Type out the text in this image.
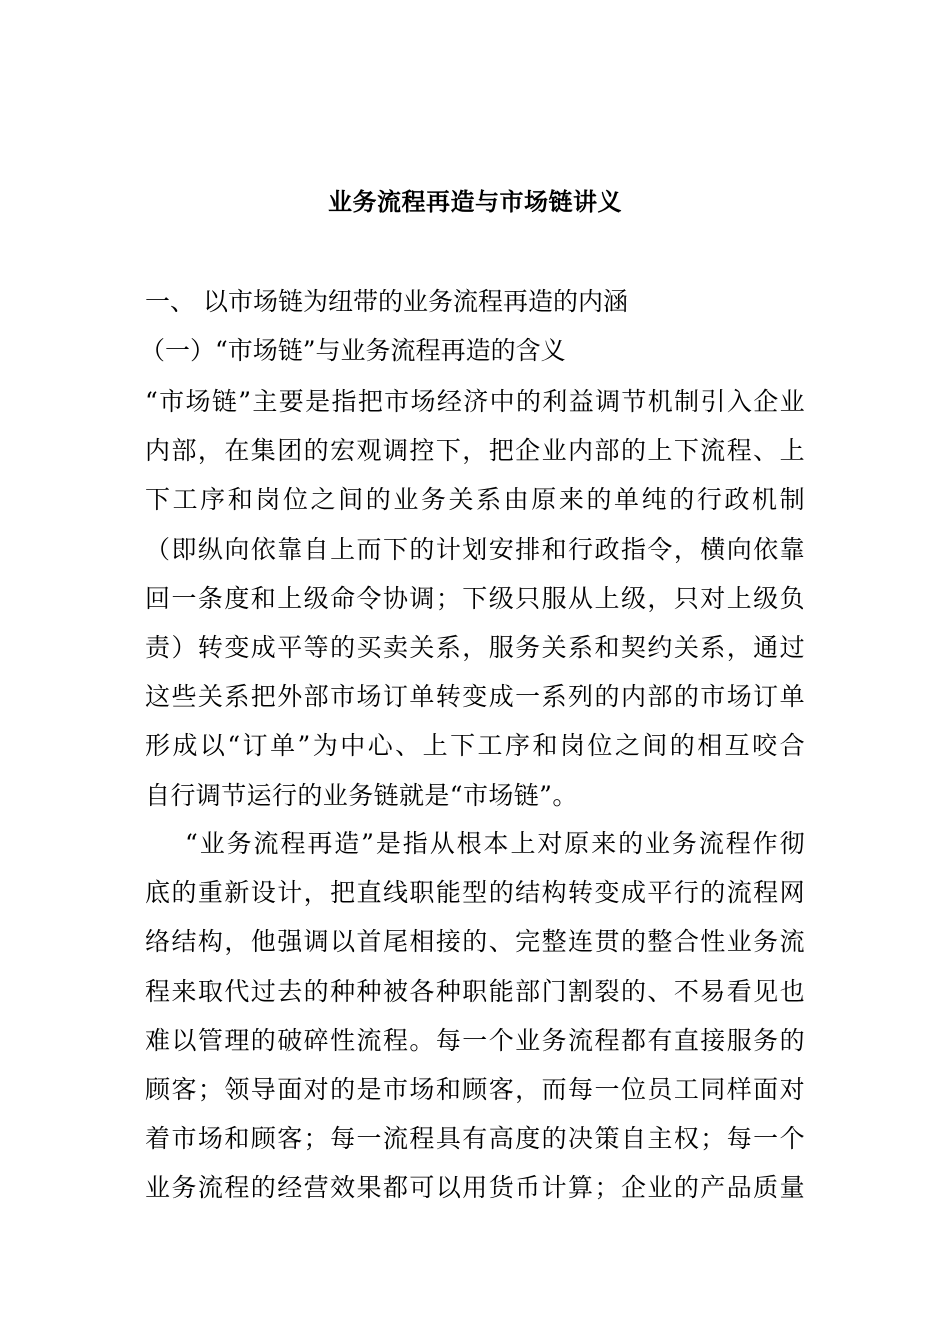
业务流程再造与市场链讲义
一、 以市场链为纽带的业务流程再造的内涵
（一）“市场链”与业务流程再造的含义
“市场链”主要是指把市场经济中的利益调节机制引入企业
内部，在集团的宏观调控下，把企业内部的上下流程、上
下工序和岗位之间的业务关系由原来的单纯的行政机制
（即纵向依靠自上而下的计划安排和行政指令，横向依靠
回一条度和上级命令协调；下级只服从上级，只对上级负
责）转变成平等的买卖关系，服务关系和契约关系，通过
这些关系把外部市场订单转变成一系列的内部的市场订单
形成以“订单”为中心、上下工序和岗位之间的相互咬合
自行调节运行的业务链就是“市场链”。
“业务流程再造”是指从根本上对原来的业务流程作彻
底的重新设计，把直线职能型的结构转变成平行的流程网
络结构，他强调以首尾相接的、完整连贯的整合性业务流
程来取代过去的种种被各种职能部门割裂的、不易看见也
难以管理的破碎性流程。每一个业务流程都有直接服务的
顾客；领导面对的是市场和顾客，而每一位员工同样面对
着市场和顾客；每一流程具有高度的决策自主权；每一个
业务流程的经营效果都可以用货币计算；企业的产品质量
